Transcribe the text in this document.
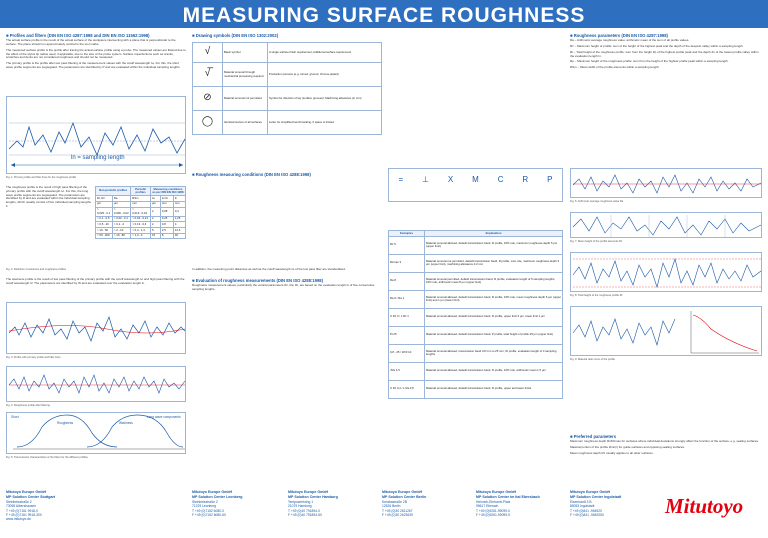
MEASURING SURFACE ROUGHNESS
■ Profiles and filters (DIN EN ISO 4287:1998 and DIN EN ISO 11562:1998)
The actual surface profile is the result of the actual surface of the workpiece intersecting with a plane that is perpendicular to the surface. The plane should run approximately vertical to the tool marks.
The measured surface profile is the profile after tracing the actual surface profile using a probe. The measured values are filtered due to the effect of the stylus tip radius used, if applicable, due to the size of the probe system. Surface imperfections such as cracks, scratches and dents are not considered roughness and should not be measured.
The primary profile is the profile after low pass filtering of the measurement values with the cutoff wavelength λs. For this, the short wave profile segments are segregated. The parameters are identified by P and are evaluated within the individual sampling lengths.
ln = sampling length
Fig. 1: Primary profile and filter lines for the roughness profile
The roughness profile is the result of high pass filtering of the primary profile with the cutoff wavelength λc. For this, the long wave profile segments are segregated. The parameters are identified by R and are evaluated within the individual sampling lengths, which usually consist of five individual sampling lengths lr.
Non-periodic profiles		Periodic profiles	Measuring conditions as per DIN EN ISO 4288		
Rt, Rz	Ra	RSm	λs	λc=lr	ln
µm	µm	mm	µm	mm	mm
> 0,025...0,1	> 0,006...0,02	> 0,013...0,04	2	0,08	0,4
> 0,1...0,5	> 0,02...0,1	> 0,04...0,13	2	0,25	1,25
> 0,5...10	> 0,1...2	> 0,13...0,4	2	0,8	4
> 10...50	> 2...10	> 0,4...1,3	5	2,5	12,5
> 50...200	> 10...80	> 1,3...4	15	8	40
Fig. 2: Definition of waviness and roughness profiles
The waviness profile is the result of low pass filtering of the primary profile with the cutoff wavelength λc and high pass filtering with the cutoff wavelength λf. The parameters are identified by W and are evaluated over the evaluation length ln.
Fig. 3: Profile with primary profile and filter lines
Fig. 4: Roughness profile after filtering
Short
Roughness	Waviness
Long wave components
Fig. 5: Transmission characteristics of the filters for the different profiles
■ Drawing symbols (DIN EN ISO 1302:2002)
√	Basic symbol	A single surface finish requirement; Additional surface requirement
√̅	Material removal through mechanical processing required	Production process (e.g. turned, ground, chrome-plated)
⊘	Material removal not permitted	Symbol for direction of lay (surface grooves); Machining allowance (in mm)
◯	Identical texture of all surfaces	Letter for simplified benchmarking, if space is limited
■ Roughness measuring conditions (DIN EN ISO 4288:1998)
In addition, the measuring point distances as well as the cutoff wavelength λs of the low pass filter are standardised.
■ Evaluation of roughness measurements (DIN EN ISO 4288:1998)
Roughness measurement values, particularly the vertical parameters Rz, Ra, Rt, are based on the evaluation length ln of five consecutive sampling lengths.
= ⊥ X M C R P
Examples	Explanation
Rz 5	Material removal allowed, default transmission band, R profile, 16% rule, maximum roughness depth 5 µm (upper limit)
Rzmax 3	Material removal not permitted, default transmission band, R profile, max rule, maximum roughness depth 3 µm (upper limit), machining allowance 0.2 mm
Ra 8	Material removal permitted, default transmission band, R profile, evaluation length of 5 sampling lengths, 16% rule, arithmetic mean 8 µm (upper limit)
Ra 6 / Ra 1	Material removal allowed, default transmission band, R profile, 16% rule, mean roughness depth 6 µm (upper limit) and 1 µm (lower limit)
U Rz 3 / L Rz 1	Material removal allowed, default transmission band, R profile, upper limit 3 µm, lower limit 1 µm
Pt 25	Material removal allowed, default transmission band, P profile, total height of profile 25 µm (upper limit)
0,8 - 25 / Wz3 10	Material removal allowed, transmission band 0.8 mm to 25 mm, W profile, evaluation length of 3 sampling lengths
√Ra 1,5	Material removal allowed, default transmission band, R profile, 16% rule, arithmetic mean 1.5 µm
U Rz 3,2 / L Ra 0,8	Material removal allowed, default transmission band, R profile, upper and lower limits
■ Roughness parameters (DIN EN ISO 4287:1998)
Ra – Arithmetic average roughness value: arithmetic mean of the sum of all profile values.
Rz – Maximum height of profile: sum of the height of the highest peak and the depth of the deepest valley within a sampling length.
Rt – Total height of the roughness profile: sum from the height Zp of the highest profile peak and the depth Zv of the lowest profile valley within the evaluation length ln.
Rp – Maximum height of the roughness profile: sum from the height of the highest profile peak within a sampling length.
RSm – Mean width of the profile elements within a sampling length.
Fig. 6: Arithmetic average roughness value Ra
Fig. 7: Mean height of the profile elements Rz
Fig. 8: Total height of the roughness profile Rt
Fig. 9: Material ratio curve of the profile
■ Preferred parameters
Maximum roughness depth Rz/Rzmax for surfaces where individual deviations strongly affect the function of the surface, e.g. sealing surfaces.
Material portion of the profile Rmr(c) for guide surfaces and opposing sealing surfaces.
Mean roughness depth Rz usually applies to all other surfaces.
Mitutoyo Europe GmbH
MP Solution Center Stuttgart
Steinbeisstraße 2
73095 Albershausen
T +49 (0)7161 9918-0
F +49 (0)7161 9918-300
www.mitutoyo.de
Mitutoyo Europe GmbH
MP Solution Center Leonberg
Steinbeisstraße 2
71229 Leonberg
T +49 (0)7152 6080-0
F +49 (0)7152 6080-60
Mitutoyo Europe GmbH
MP Solution Center Hamburg
Tempowerkring 1
21079 Hamburg
T +49 (0)40 791894-0
F +49 (0)40 791894-50
Mitutoyo Europe GmbH
MP Solution Center Berlin
Kerabastraße 2B
12526 Berlin
T +49 (0)30 2611267
F +49 (0)30 2623639
Mitutoyo Europe GmbH
MP Solution Center Im Ital Ebersbach
Heinrich-Ehrhardt-Platz
95617 Eberach
T +49 (0)9261-99099-0
F +49 (0)9261-99099-9
Mitutoyo Europe GmbH
MP Solution Center Ingolstadt
Eisenhardt 3 B
85053 Ingolstadt
T +49 (0)841 -954920
F +49 (0)841 -9549250	Mitutoyo
